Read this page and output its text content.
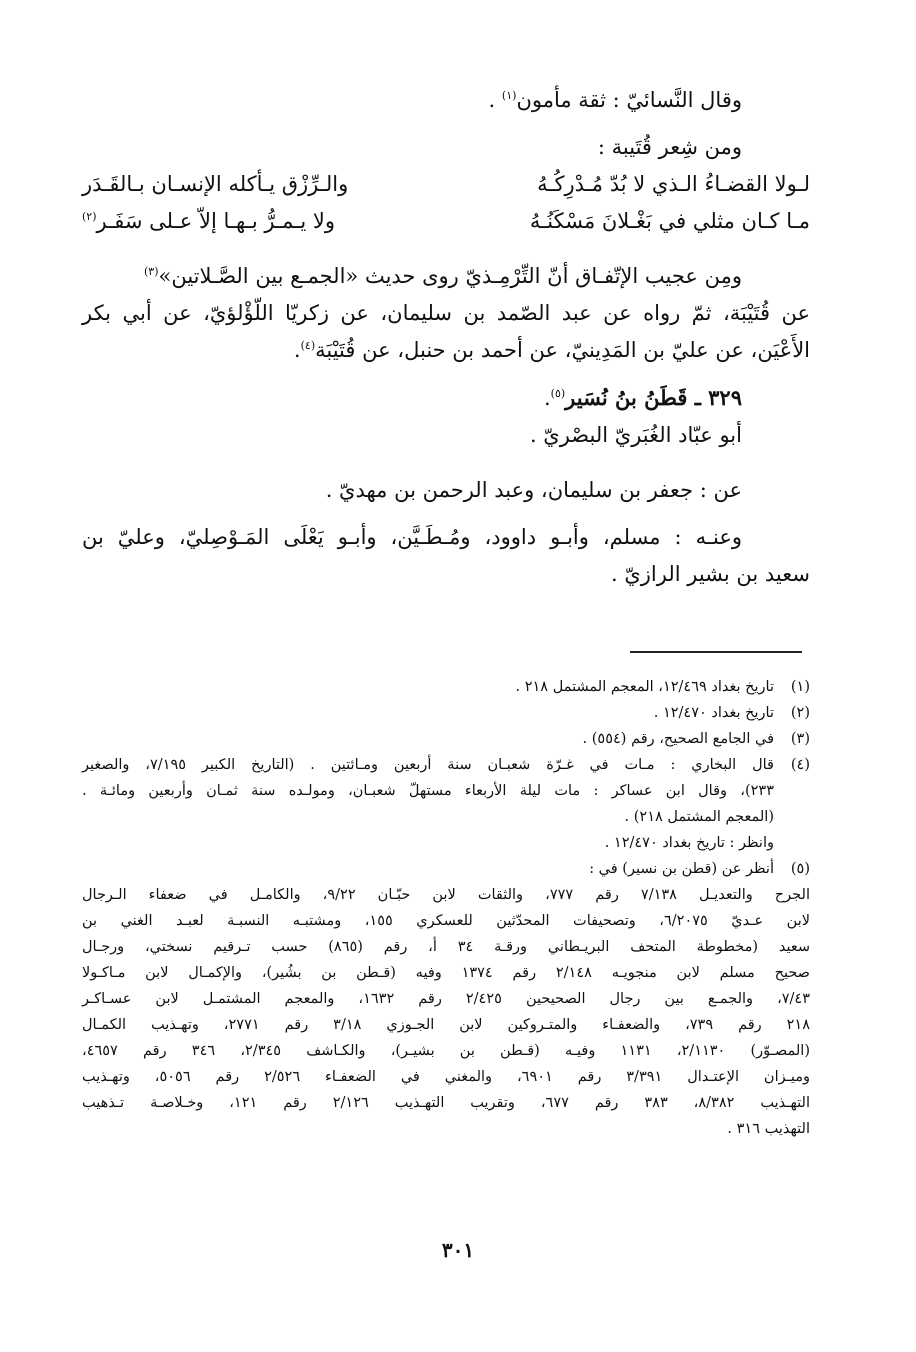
وقال النَّسائيّ : ثقة مأمون$^{(١)}$ .

ومن شِعر قُتَيبة :

لـولا القضـاءُ الـذي لا بُدّ مُـدْرِكُـهُ
والـرِّزْق يـأكله الإنسـان بـالقَـدَر
مـا كـان مثلي في بَغْـلانَ مَسْكَنُـهُ
ولا يـمـرُّ بـهـا إلاّ عـلى سَفَـر(٢)

ومِن عجيب الإتّفـاق أنّ التِّرْمِـذيّ روى حديث «الجمـع بين الصَّـلاتين»$^{(٣)}$

عن قُتَيْبَة، ثمّ رواه عن عبد الصّمد بن سليمان، عن زكريّا اللّؤْلؤيّ، عن أبي بكر

الأَعْيَن، عن عليّ بن المَدِينيّ، عن أحمد بن حنبل، عن قُتَيْبَة$^{(٤)}$.

٣٢٩ ـ قَطَنُ بنُ نُسَير$^{(٥)}$.

أبو عبّاد الغُبَريّ البصْريّ .

عن : جعفر بن سليمان، وعبد الرحمن بن مهديّ .

وعنـه : مسلم، وأبـو داوود، ومُـطَـيَّن، وأبـو يَعْلَى المَـوْصِليّ، وعليّ بن

سعيد بن بشير الرازيّ .

(١)
تاريخ بغداد ١٢/٤٦٩، المعجم المشتمل ٢١٨ .
(٢)
تاريخ بغداد ١٢/٤٧٠ .
(٣)
في الجامع الصحيح، رقم (٥٥٤) .
(٤)
قال البخاري : مـات في غـرّة شعبـان سنة أربعين ومـائتين . (التاريخ الكبير ٧/١٩٥، والصغير
٢٣٣)، وقال ابن عساكر : مات ليلة الأربعاء مستهلّ شعبـان، ومولـده سنة ثمـان وأربعين ومائـة .
(المعجم المشتمل ٢١٨) .
وانظر : تاريخ بغداد ١٢/٤٧٠ .
(٥)
أنظر عن (قطن بن نسير) في :
الجرح والتعديـل ٧/١٣٨ رقم ٧٧٧، والثقات لابن حبّـان ٩/٢٢، والكامـل في ضعفاء الـرجال
لابن عـديّ ٦/٢٠٧٥، وتصحيفات المحدّثين للعسكري ١٥٥، ومشتبـه النسبـة لعبـد الغني بن
سعيد (مخطوطة المتحف البريـطاني ورقـة ٣٤ أ، رقم (٨٦٥) حسب تـرقيم نسختي، ورجـال
صحيح مسلم لابن منجويـه ٢/١٤٨ رقم ١٣٧٤ وفيه (قـطن بن بشُير)، والإكمـال لابن مـاكـولا
٧/٤٣، والجمـع بين رجال الصحيحين ٢/٤٢٥ رقم ١٦٣٢، والمعجم المشتمـل لابن عسـاكـر
٢١٨ رقم ٧٣٩، والضعفـاء والمتـروكين لابن الجـوزي ٣/١٨ رقم ٢٧٧١، وتهـذيب الكمـال
(المصـوّر) ٢/١١٣٠، ١١٣١ وفيـه (قـطن بن بشيـر)، والكـاشف ٢/٣٤٥، ٣٤٦ رقم ٤٦٥٧،
وميـزان الإعتـدال ٣/٣٩١ رقم ٦٩٠١، والمغني في الضعفـاء ٢/٥٢٦ رقم ٥٠٥٦، وتهـذيب
التهـذيب ٨/٣٨٢، ٣٨٣ رقم ٦٧٧، وتقريب التهـذيب ٢/١٢٦ رقم ١٢١، وخـلاصـة تـذهيب
التهذيب ٣١٦ .
٣٠١
